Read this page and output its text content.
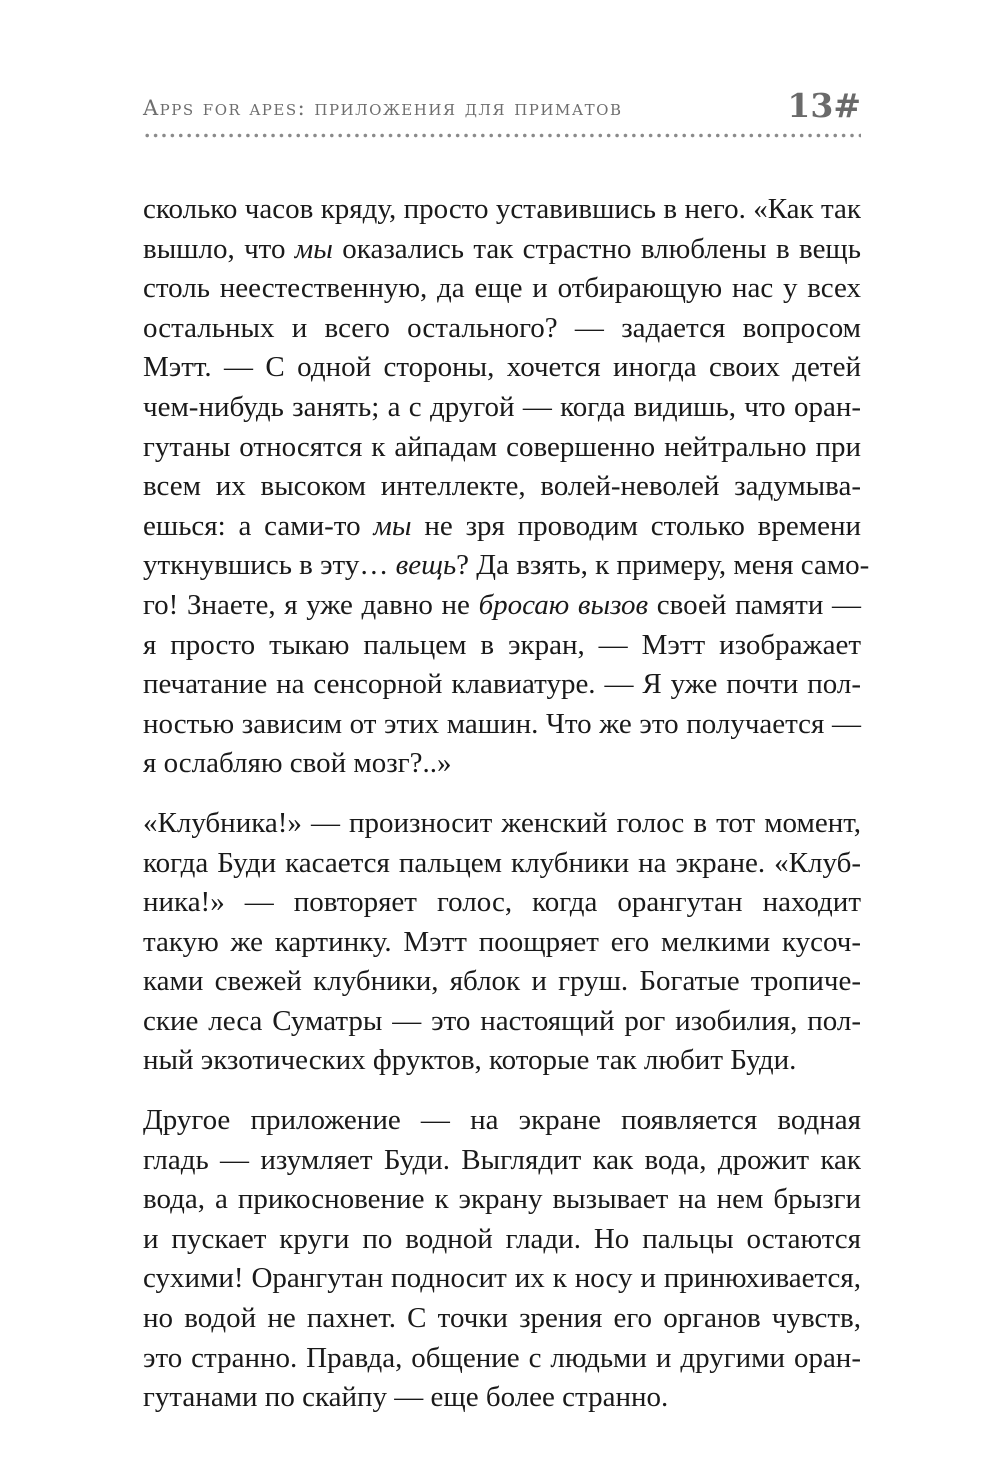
Apps for apes: приложения для приматов	13#

сколько часов кряду, просто уставившись в него. «Как так
вышло, что мы оказались так страстно влюблены в вещь
столь неестественную, да еще и отбирающую нас у всех
остальных и всего остального? — задается вопросом
Мэтт. — С одной стороны, хочется иногда своих детей
чем-нибудь занять; а с другой — когда видишь, что оран-
гутаны относятся к айпадам совершенно нейтрально при
всем их высоком интеллекте, волей-неволей задумыва-
ешься: а сами-то мы не зря проводим столько времени
уткнувшись в эту… вещь? Да взять, к примеру, меня само-
го! Знаете, я уже давно не бросаю вызов своей памяти —
я просто тыкаю пальцем в экран, — Мэтт изображает
печатание на сенсорной клавиатуре. — Я уже почти пол-
ностью зависим от этих машин. Что же это получается —
я ослабляю свой мозг?..»

«Клубника!» — произносит женский голос в тот момент,
когда Буди касается пальцем клубники на экране. «Клуб-
ника!» — повторяет голос, когда орангутан находит
такую же картинку. Мэтт поощряет его мелкими кусоч-
ками свежей клубники, яблок и груш. Богатые тропиче-
ские леса Суматры — это настоящий рог изобилия, пол-
ный экзотических фруктов, которые так любит Буди.

Другое приложение — на экране появляется водная
гладь — изумляет Буди. Выглядит как вода, дрожит как
вода, а прикосновение к экрану вызывает на нем брызги
и пускает круги по водной глади. Но пальцы остаются
сухими! Орангутан подносит их к носу и принюхивается,
но водой не пахнет. С точки зрения его органов чувств,
это странно. Правда, общение с людьми и другими оран-
гутанами по скайпу — еще более странно.
